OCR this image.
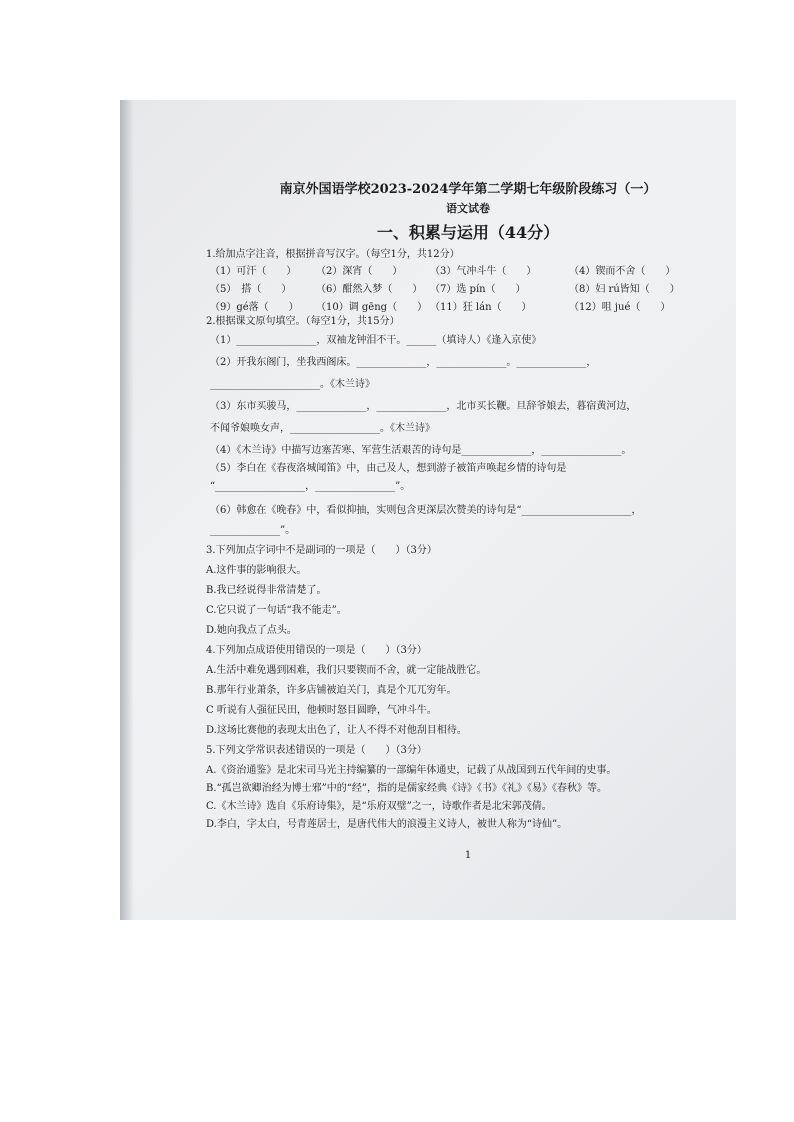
南京外国语学校2023-2024学年第二学期七年级阶段练习（一）
语文试卷
一、积累与运用（44分）
1.给加点字注音，根据拼音写汉字。（每空1分，共12分）
（1）可汗（　　） （2）深宵（　　）	（3）气冲斗牛（　　）	（4）锲而不舍（　　）
（5）　搭（　　） （6）酣然入梦（　　） （7）选 pín（　　）	（8）妇 rú皆知（　　）
（9）gé落（　　） （10）调 gēng（　　） （11）狂 lán（　　）	（12）咀 jué（　　）
2.根据课文原句填空。（每空1分，共15分）
（1）________________，双袖龙钟泪不干。______（填诗人）《逢入京使》
（2）开我东阁门，坐我西阁床。______________，______________。______________，
______________________。《木兰诗》
（3）东市买骏马，______________，______________，北市买长鞭。旦辞爷娘去，暮宿黄河边，
不闻爷娘唤女声，__________________。《木兰诗》
（4）《木兰诗》中描写边塞苦寒、军营生活艰苦的诗句是______________，________________。
（5）李白在《春夜洛城闻笛》中，由己及人，想到游子被笛声唤起乡情的诗句是
“__________________，________________”。
（6）韩愈在《晚春》中，看似抑抽，实则包含更深层次赞美的诗句是“______________________，
______________”。
3.下列加点字词中不是副词的一项是（　　）（3分）
A.这件事的影响很大。
B.我已经说得非常清楚了。
C.它只说了一句话“我不能走”。
D.她向我点了点头。
4.下列加点成语使用错误的一项是（　　）（3分）
A.生活中难免遇到困难，我们只要锲而不舍，就一定能战胜它。
B.那年行业萧条，许多店铺被迫关门，真是个兀兀穷年。
C 听说有人强征民田，他顿时怒目圆睁，气冲斗牛。
D.这场比赛他的表现太出色了，让人不得不对他刮目相待。
5.下列文学常识表述错误的一项是（　　）（3分）
A.《资治通鉴》是北宋司马光主持编纂的一部编年体通史，记载了从战国到五代年间的史事。
B.“孤岂欲卿治经为博士邪”中的“经”，指的是儒家经典《诗》《书》《礼》《易》《春秋》等。
C.《木兰诗》选自《乐府诗集》，是“乐府双璧”之一，诗歌作者是北宋郭茂倩。
D.李白，字太白，号青莲居士，是唐代伟大的浪漫主义诗人，被世人称为“诗仙”。
1
